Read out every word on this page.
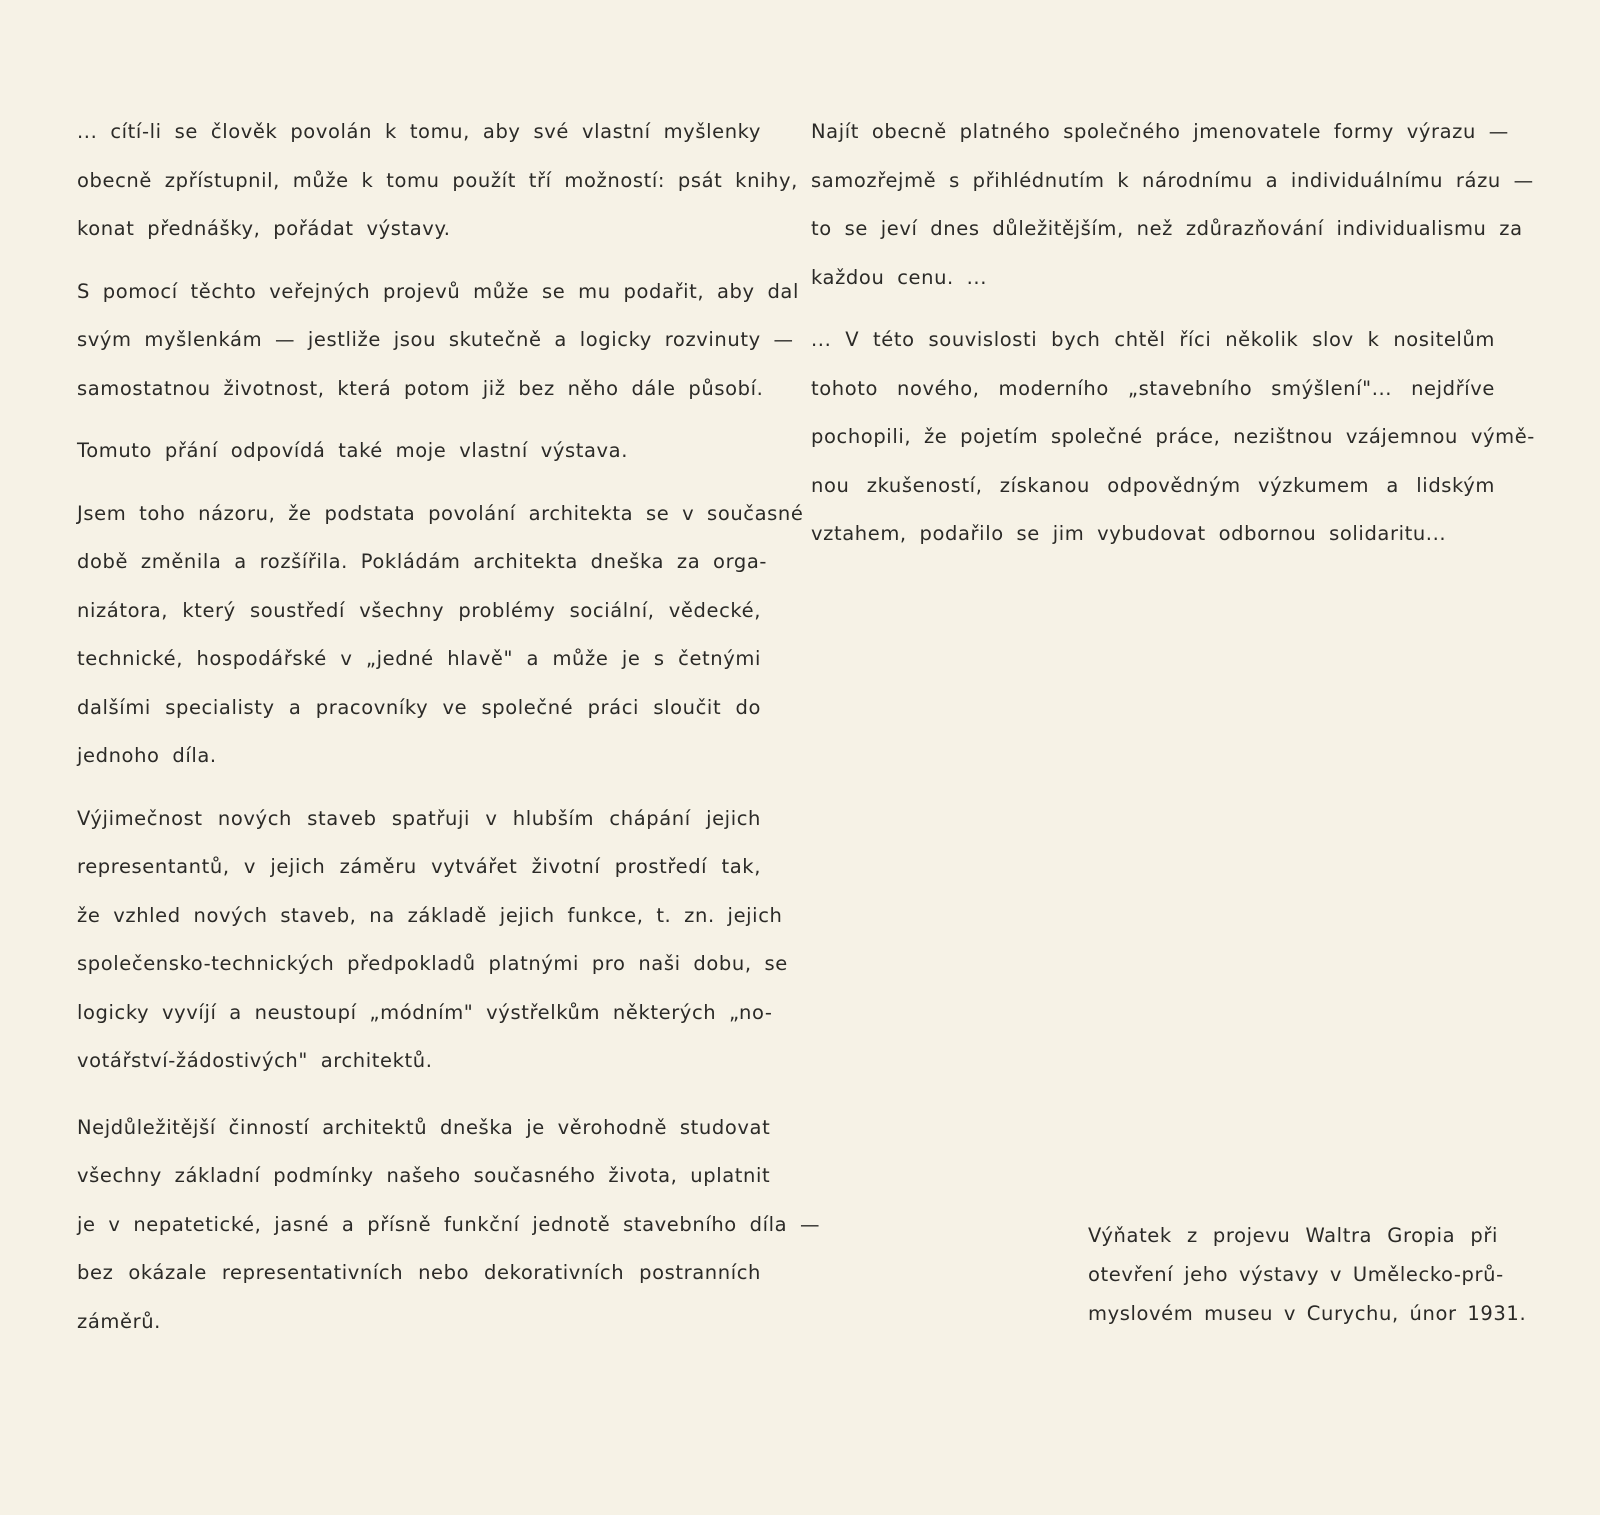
... cítí-li se člověk povolán k tomu, aby své vlastní myšlenky
obecně zpřístupnil, může k tomu použít tří možností: psát knihy,
konat přednášky, pořádat výstavy.

S pomocí těchto veřejných projevů může se mu podařit, aby dal
svým myšlenkám — jestliže jsou skutečně a logicky rozvinuty —
samostatnou životnost, která potom již bez něho dále působí.

Tomuto přání odpovídá také moje vlastní výstava.

Jsem toho názoru, že podstata povolání architekta se v současné
době změnila a rozšířila. Pokládám architekta dneška za orga-
nizátora, který soustředí všechny problémy sociální, vědecké,
technické, hospodářské v „jedné hlavě" a může je s četnými
dalšími specialisty a pracovníky ve společné práci sloučit do
jednoho díla.

Výjimečnost nových staveb spatřuji v hlubším chápání jejich
representantů, v jejich záměru vytvářet životní prostředí tak,
že vzhled nových staveb, na základě jejich funkce, t. zn. jejich
společensko-technických předpokladů platnými pro naši dobu, se
logicky vyvíjí a neustoupí „módním" výstřelkům některých „no-
votářství-žádostivých" architektů.

Nejdůležitější činností architektů dneška je věrohodně studovat
všechny základní podmínky našeho současného života, uplatnit
je v nepatetické, jasné a přísně funkční jednotě stavebního díla —
bez okázale representativních nebo dekorativních postranních
záměrů.

Najít obecně platného společného jmenovatele formy výrazu —
samozřejmě s přihlédnutím k národnímu a individuálnímu rázu —
to se jeví dnes důležitějším, než zdůrazňování individualismu za
každou cenu. ...

... V této souvislosti bych chtěl říci několik slov k nositelům
tohoto nového, moderního „stavebního smýšlení"... nejdříve
pochopili, že pojetím společné práce, nezištnou vzájemnou výmě-
nou zkušeností, získanou odpovědným výzkumem a lidským
vztahem, podařilo se jim vybudovat odbornou solidaritu...

Výňatek z projevu Waltra Gropia při
otevření jeho výstavy v Umělecko-prů-
myslovém museu v Curychu, únor 1931.
